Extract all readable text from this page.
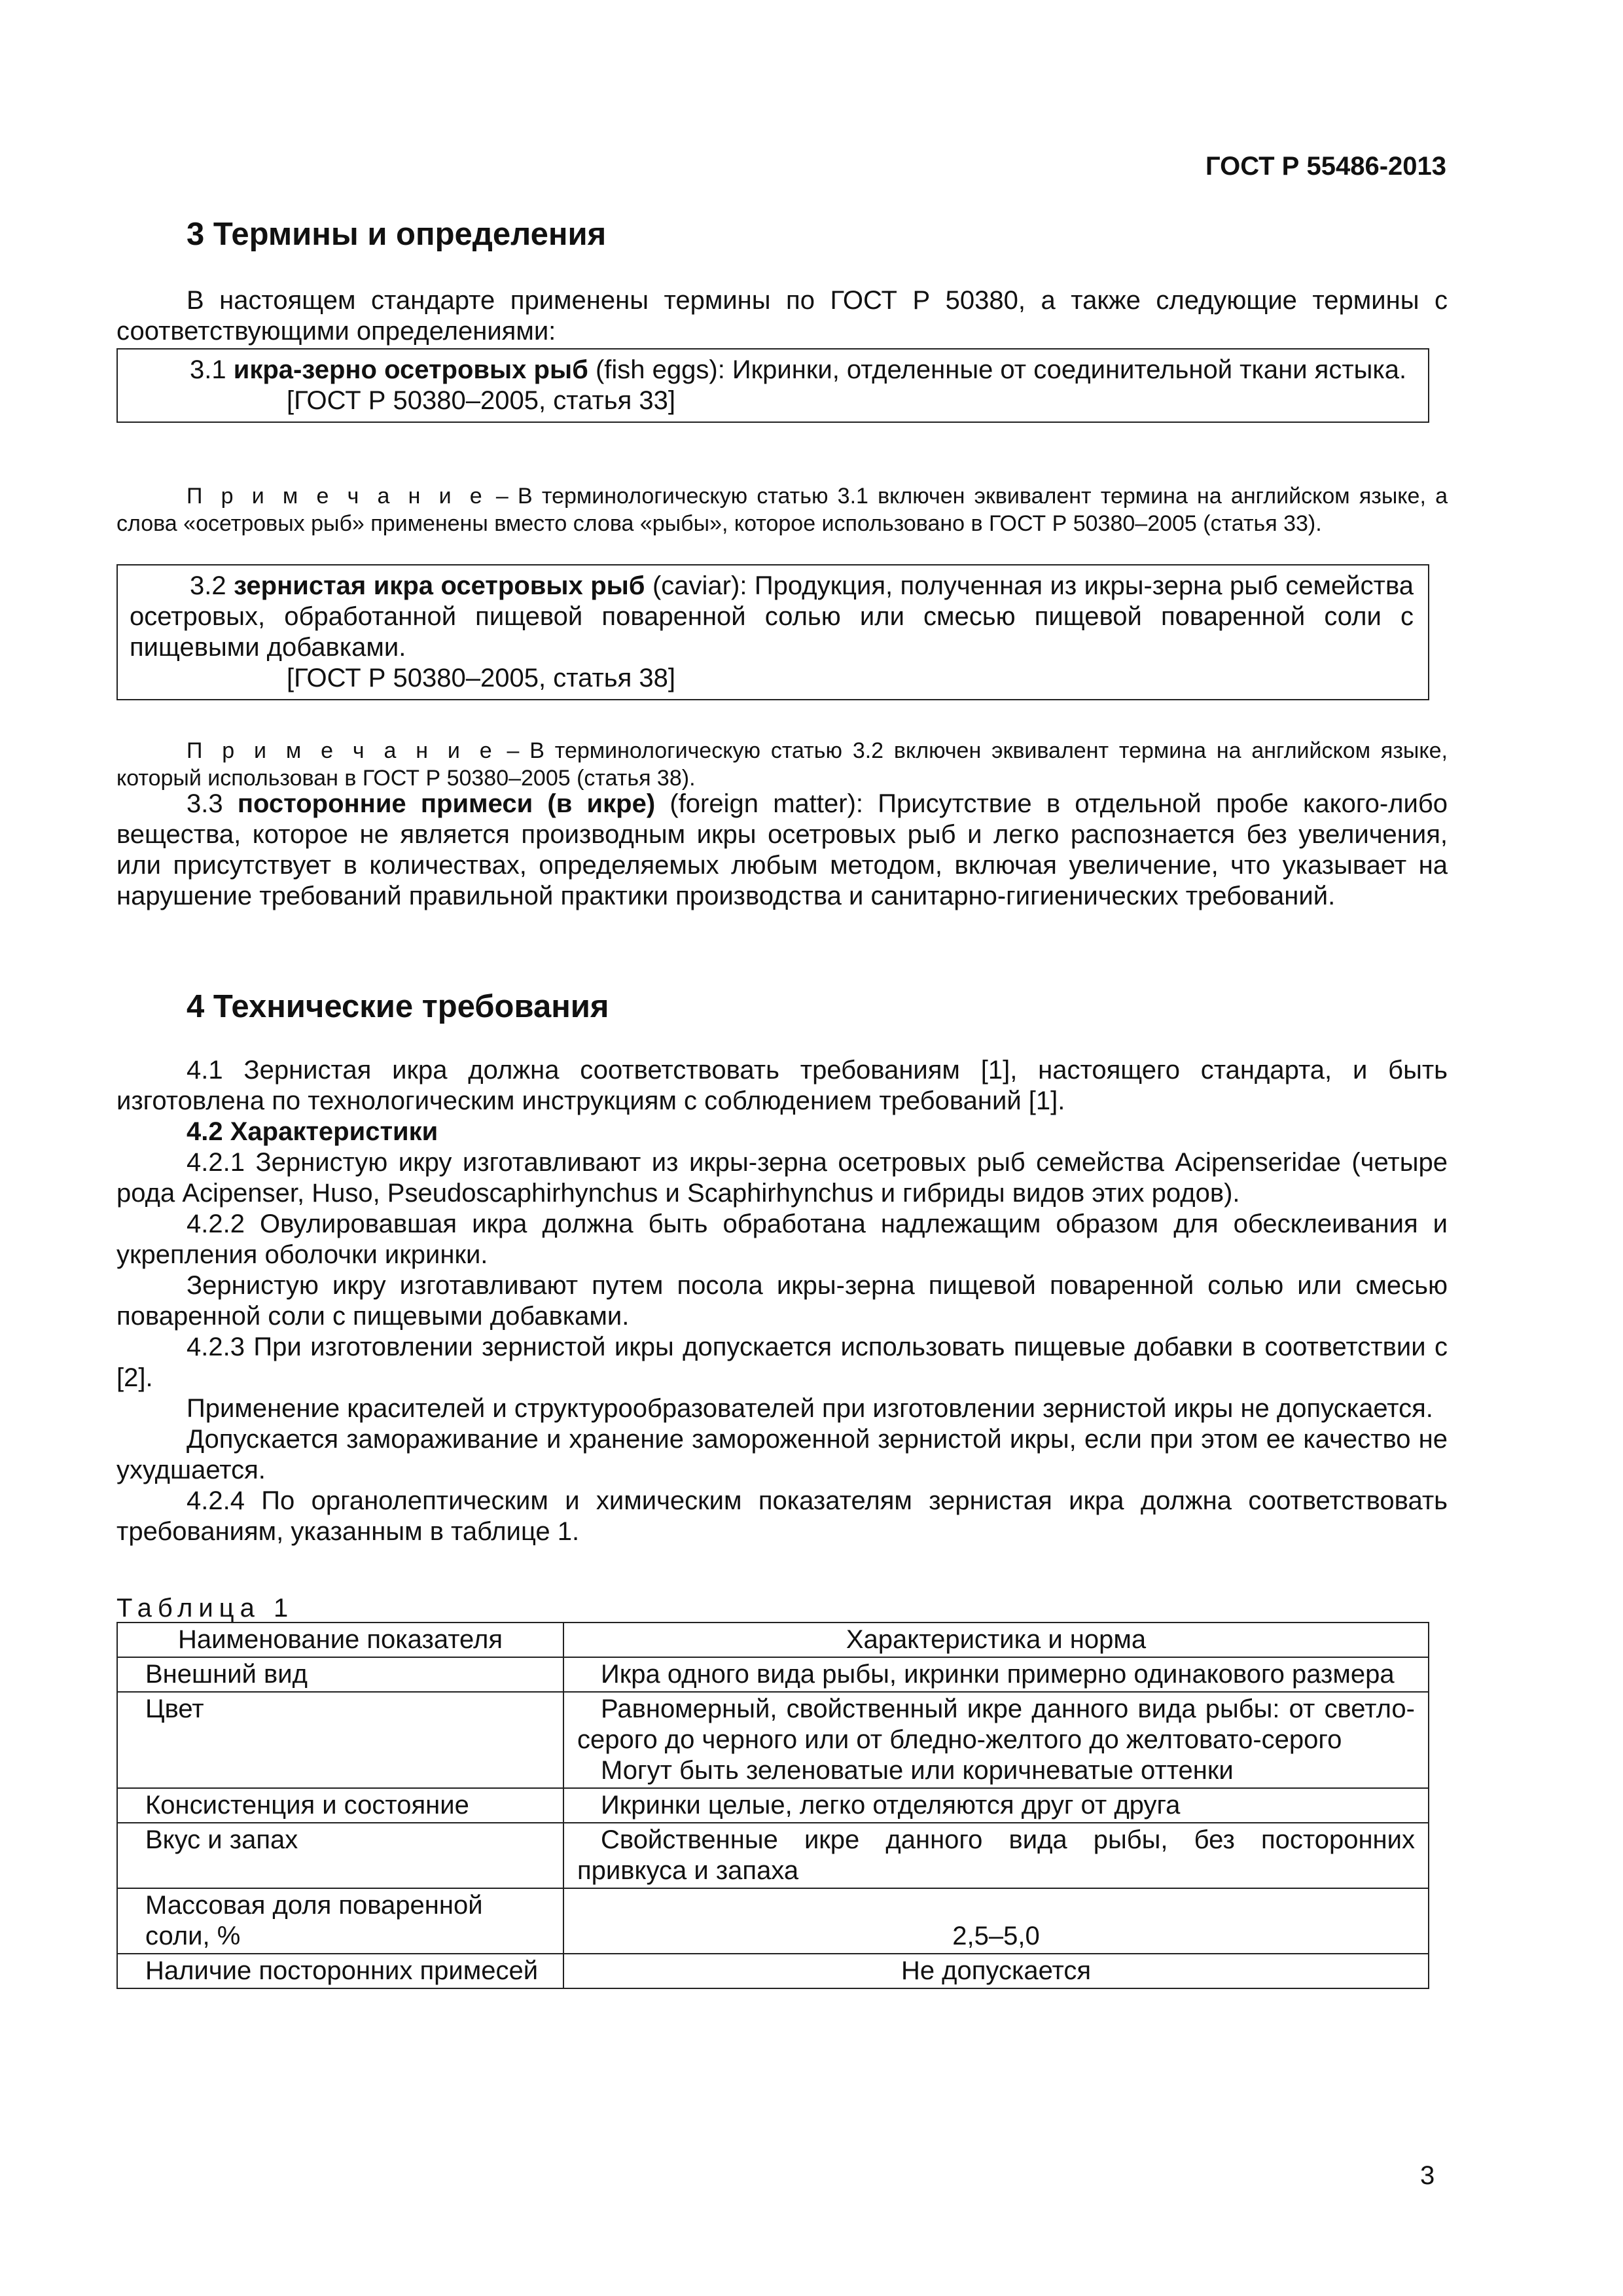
ГОСТ Р 55486-2013
3 Термины и определения

В настоящем стандарте применены термины по ГОСТ Р 50380, а также следующие термины с соответствующими определениями:

3.1 икра-зерно осетровых рыб (fish eggs): Икринки, отделенные от соединительной ткани ястыка.

[ГОСТ Р 50380–2005, статья 33]

П р и м е ч а н и е – В терминологическую статью 3.1 включен эквивалент термина на английском языке, а слова «осетровых рыб» применены вместо слова «рыбы», которое использовано в ГОСТ Р 50380–2005 (статья 33).

3.2 зернистая икра осетровых рыб (caviar): Продукция, полученная из икры-зерна рыб семейства осетровых, обработанной пищевой поваренной солью или смесью пищевой поваренной соли с пищевыми добавками.

[ГОСТ Р 50380–2005, статья 38]

П р и м е ч а н и е – В терминологическую статью 3.2 включен эквивалент термина на английском языке, который использован в ГОСТ Р 50380–2005 (статья 38).

3.3 посторонние примеси (в икре) (foreign matter): Присутствие в отдельной пробе какого-либо вещества, которое не является производным икры осетровых рыб и легко распознается без увеличения, или присутствует в количествах, определяемых любым методом, включая увеличение, что указывает на нарушение требований правильной практики производства и санитарно-гигиенических требований.

4 Технические требования

4.1 Зернистая икра должна соответствовать требованиям [1], настоящего стандарта, и быть изготовлена по технологическим инструкциям с соблюдением требований [1].

4.2 Характеристики

4.2.1 Зернистую икру изготавливают из икры-зерна осетровых рыб семейства Acipenseridae (четыре рода Acipenser, Huso, Pseudoscaphirhynchus и Scaphirhynchus и гибриды видов этих родов).

4.2.2 Овулировавшая икра должна быть обработана надлежащим образом для обесклеивания и укрепления оболочки икринки.

Зернистую икру изготавливают путем посола икры-зерна пищевой поваренной солью или смесью поваренной соли с пищевыми добавками.

4.2.3 При изготовлении зернистой икры допускается использовать пищевые добавки в соответствии с [2].

Применение красителей и структурообразователей при изготовлении зернистой икры не допускается.

Допускается замораживание и хранение замороженной зернистой икры, если при этом ее качество не ухудшается.

4.2.4 По органолептическим и химическим показателям зернистая икра должна соответствовать требованиям, указанным в таблице 1.

Таблица 1
Наименование показателя	Характеристика и норма

Внешний вид	Икра одного вида рыбы, икринки примерно одинакового размера

Цвет	Равномерный, свойственный икре данного вида рыбы: от светло-серого до черного или от бледно-желтого до желтовато-серого

Могут быть зеленоватые или коричневатые оттенки

Консистенция и состояние	Икринки целые, легко отделяются друг от друга

Вкус и запах	Свойственные икре данного вида рыбы, без посторонних привкуса и запаха

Массовая доля поваренной соли, %	2,5–5,0

Наличие посторонних примесей	Не допускается
3
